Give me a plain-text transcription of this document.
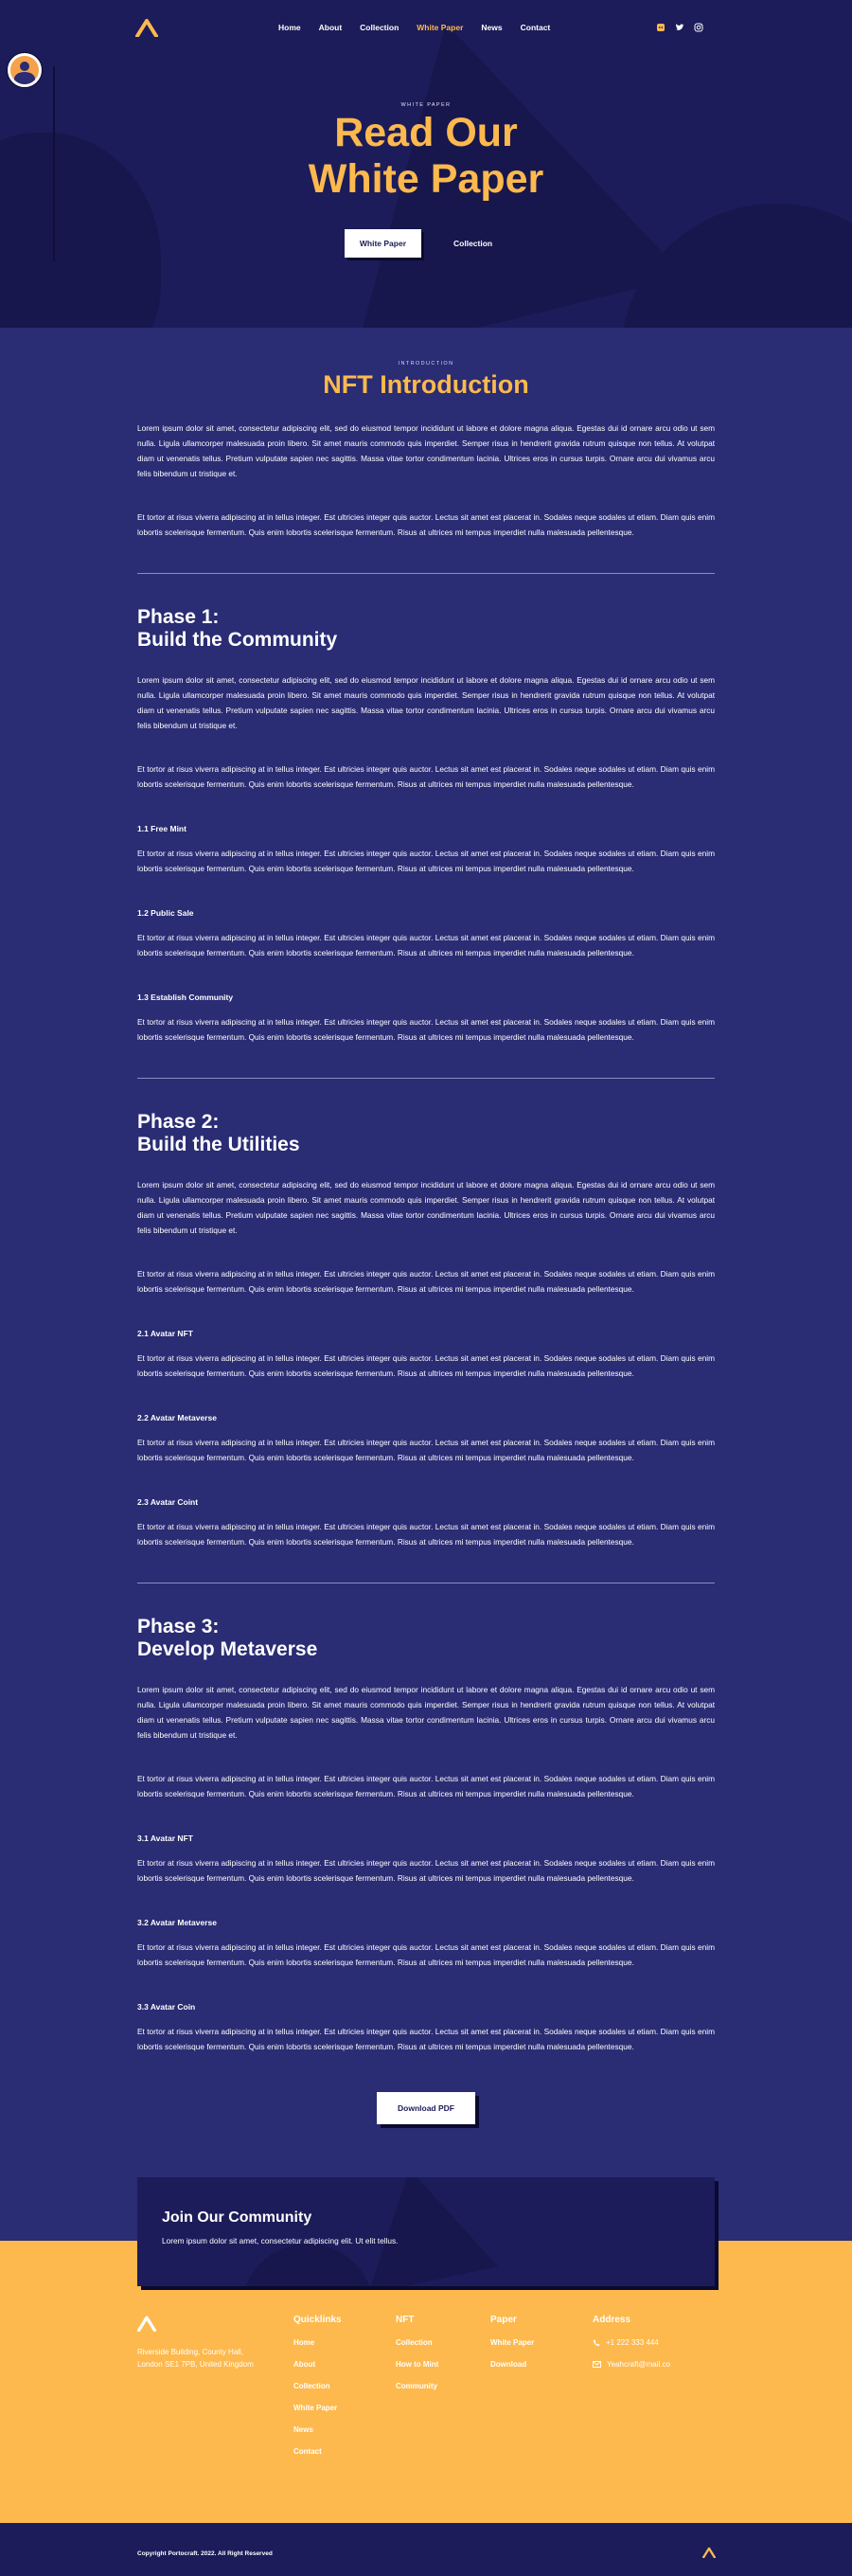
Home About Collection White Paper News Contact
WHITE PAPER
Read Our
White Paper
White Paper	Collection
INTRODUCTION
NFT Introduction

Lorem ipsum dolor sit amet, consectetur adipiscing elit, sed do eiusmod tempor incididunt ut labore et dolore magna aliqua. Egestas dui id ornare arcu odio ut sem nulla. Ligula ullamcorper malesuada proin libero. Sit amet mauris commodo quis imperdiet. Semper risus in hendrerit gravida rutrum quisque non tellus. At volutpat diam ut venenatis tellus. Pretium vulputate sapien nec sagittis. Massa vitae tortor condimentum lacinia. Ultrices eros in cursus turpis. Ornare arcu dui vivamus arcu felis bibendum ut tristique et.

Et tortor at risus viverra adipiscing at in tellus integer. Est ultricies integer quis auctor. Lectus sit amet est placerat in. Sodales neque sodales ut etiam. Diam quis enim lobortis scelerisque fermentum. Quis enim lobortis scelerisque fermentum. Risus at ultrices mi tempus imperdiet nulla malesuada pellentesque.

Phase 1:
Build the Community

Lorem ipsum dolor sit amet, consectetur adipiscing elit, sed do eiusmod tempor incididunt ut labore et dolore magna aliqua. Egestas dui id ornare arcu odio ut sem nulla. Ligula ullamcorper malesuada proin libero. Sit amet mauris commodo quis imperdiet. Semper risus in hendrerit gravida rutrum quisque non tellus. At volutpat diam ut venenatis tellus. Pretium vulputate sapien nec sagittis. Massa vitae tortor condimentum lacinia. Ultrices eros in cursus turpis. Ornare arcu dui vivamus arcu felis bibendum ut tristique et.

Et tortor at risus viverra adipiscing at in tellus integer. Est ultricies integer quis auctor. Lectus sit amet est placerat in. Sodales neque sodales ut etiam. Diam quis enim lobortis scelerisque fermentum. Quis enim lobortis scelerisque fermentum. Risus at ultrices mi tempus imperdiet nulla malesuada pellentesque.

1.1 Free Mint

Et tortor at risus viverra adipiscing at in tellus integer. Est ultricies integer quis auctor. Lectus sit amet est placerat in. Sodales neque sodales ut etiam. Diam quis enim lobortis scelerisque fermentum. Quis enim lobortis scelerisque fermentum. Risus at ultrices mi tempus imperdiet nulla malesuada pellentesque.

1.2 Public Sale

Et tortor at risus viverra adipiscing at in tellus integer. Est ultricies integer quis auctor. Lectus sit amet est placerat in. Sodales neque sodales ut etiam. Diam quis enim lobortis scelerisque fermentum. Quis enim lobortis scelerisque fermentum. Risus at ultrices mi tempus imperdiet nulla malesuada pellentesque.

1.3 Establish Community

Et tortor at risus viverra adipiscing at in tellus integer. Est ultricies integer quis auctor. Lectus sit amet est placerat in. Sodales neque sodales ut etiam. Diam quis enim lobortis scelerisque fermentum. Quis enim lobortis scelerisque fermentum. Risus at ultrices mi tempus imperdiet nulla malesuada pellentesque.

Phase 2:
Build the Utilities

Lorem ipsum dolor sit amet, consectetur adipiscing elit, sed do eiusmod tempor incididunt ut labore et dolore magna aliqua. Egestas dui id ornare arcu odio ut sem nulla. Ligula ullamcorper malesuada proin libero. Sit amet mauris commodo quis imperdiet. Semper risus in hendrerit gravida rutrum quisque non tellus. At volutpat diam ut venenatis tellus. Pretium vulputate sapien nec sagittis. Massa vitae tortor condimentum lacinia. Ultrices eros in cursus turpis. Ornare arcu dui vivamus arcu felis bibendum ut tristique et.

Et tortor at risus viverra adipiscing at in tellus integer. Est ultricies integer quis auctor. Lectus sit amet est placerat in. Sodales neque sodales ut etiam. Diam quis enim lobortis scelerisque fermentum. Quis enim lobortis scelerisque fermentum. Risus at ultrices mi tempus imperdiet nulla malesuada pellentesque.

2.1 Avatar NFT

Et tortor at risus viverra adipiscing at in tellus integer. Est ultricies integer quis auctor. Lectus sit amet est placerat in. Sodales neque sodales ut etiam. Diam quis enim lobortis scelerisque fermentum. Quis enim lobortis scelerisque fermentum. Risus at ultrices mi tempus imperdiet nulla malesuada pellentesque.

2.2 Avatar Metaverse

Et tortor at risus viverra adipiscing at in tellus integer. Est ultricies integer quis auctor. Lectus sit amet est placerat in. Sodales neque sodales ut etiam. Diam quis enim lobortis scelerisque fermentum. Quis enim lobortis scelerisque fermentum. Risus at ultrices mi tempus imperdiet nulla malesuada pellentesque.

2.3 Avatar Coint

Et tortor at risus viverra adipiscing at in tellus integer. Est ultricies integer quis auctor. Lectus sit amet est placerat in. Sodales neque sodales ut etiam. Diam quis enim lobortis scelerisque fermentum. Quis enim lobortis scelerisque fermentum. Risus at ultrices mi tempus imperdiet nulla malesuada pellentesque.

Phase 3:
Develop Metaverse

Lorem ipsum dolor sit amet, consectetur adipiscing elit, sed do eiusmod tempor incididunt ut labore et dolore magna aliqua. Egestas dui id ornare arcu odio ut sem nulla. Ligula ullamcorper malesuada proin libero. Sit amet mauris commodo quis imperdiet. Semper risus in hendrerit gravida rutrum quisque non tellus. At volutpat diam ut venenatis tellus. Pretium vulputate sapien nec sagittis. Massa vitae tortor condimentum lacinia. Ultrices eros in cursus turpis. Ornare arcu dui vivamus arcu felis bibendum ut tristique et.

Et tortor at risus viverra adipiscing at in tellus integer. Est ultricies integer quis auctor. Lectus sit amet est placerat in. Sodales neque sodales ut etiam. Diam quis enim lobortis scelerisque fermentum. Quis enim lobortis scelerisque fermentum. Risus at ultrices mi tempus imperdiet nulla malesuada pellentesque.

3.1 Avatar NFT

Et tortor at risus viverra adipiscing at in tellus integer. Est ultricies integer quis auctor. Lectus sit amet est placerat in. Sodales neque sodales ut etiam. Diam quis enim lobortis scelerisque fermentum. Quis enim lobortis scelerisque fermentum. Risus at ultrices mi tempus imperdiet nulla malesuada pellentesque.

3.2 Avatar Metaverse

Et tortor at risus viverra adipiscing at in tellus integer. Est ultricies integer quis auctor. Lectus sit amet est placerat in. Sodales neque sodales ut etiam. Diam quis enim lobortis scelerisque fermentum. Quis enim lobortis scelerisque fermentum. Risus at ultrices mi tempus imperdiet nulla malesuada pellentesque.

3.3 Avatar Coin

Et tortor at risus viverra adipiscing at in tellus integer. Est ultricies integer quis auctor. Lectus sit amet est placerat in. Sodales neque sodales ut etiam. Diam quis enim lobortis scelerisque fermentum. Quis enim lobortis scelerisque fermentum. Risus at ultrices mi tempus imperdiet nulla malesuada pellentesque.

Download PDF
Join Our Community

Lorem ipsum dolor sit amet, consectetur adipiscing elit. Ut elit tellus.

Riverside Building, County Hall,
London SE1 7PB, United Kingdom
Quicklinks
Home
About
Collection
White Paper
News
Contact
NFT
Collection
How to Mint
Community
Paper
White Paper
Download
Address
+1 222 333 444
Yeahcraft@mail.co
Copyright Portocraft. 2022. All Right Reserved
